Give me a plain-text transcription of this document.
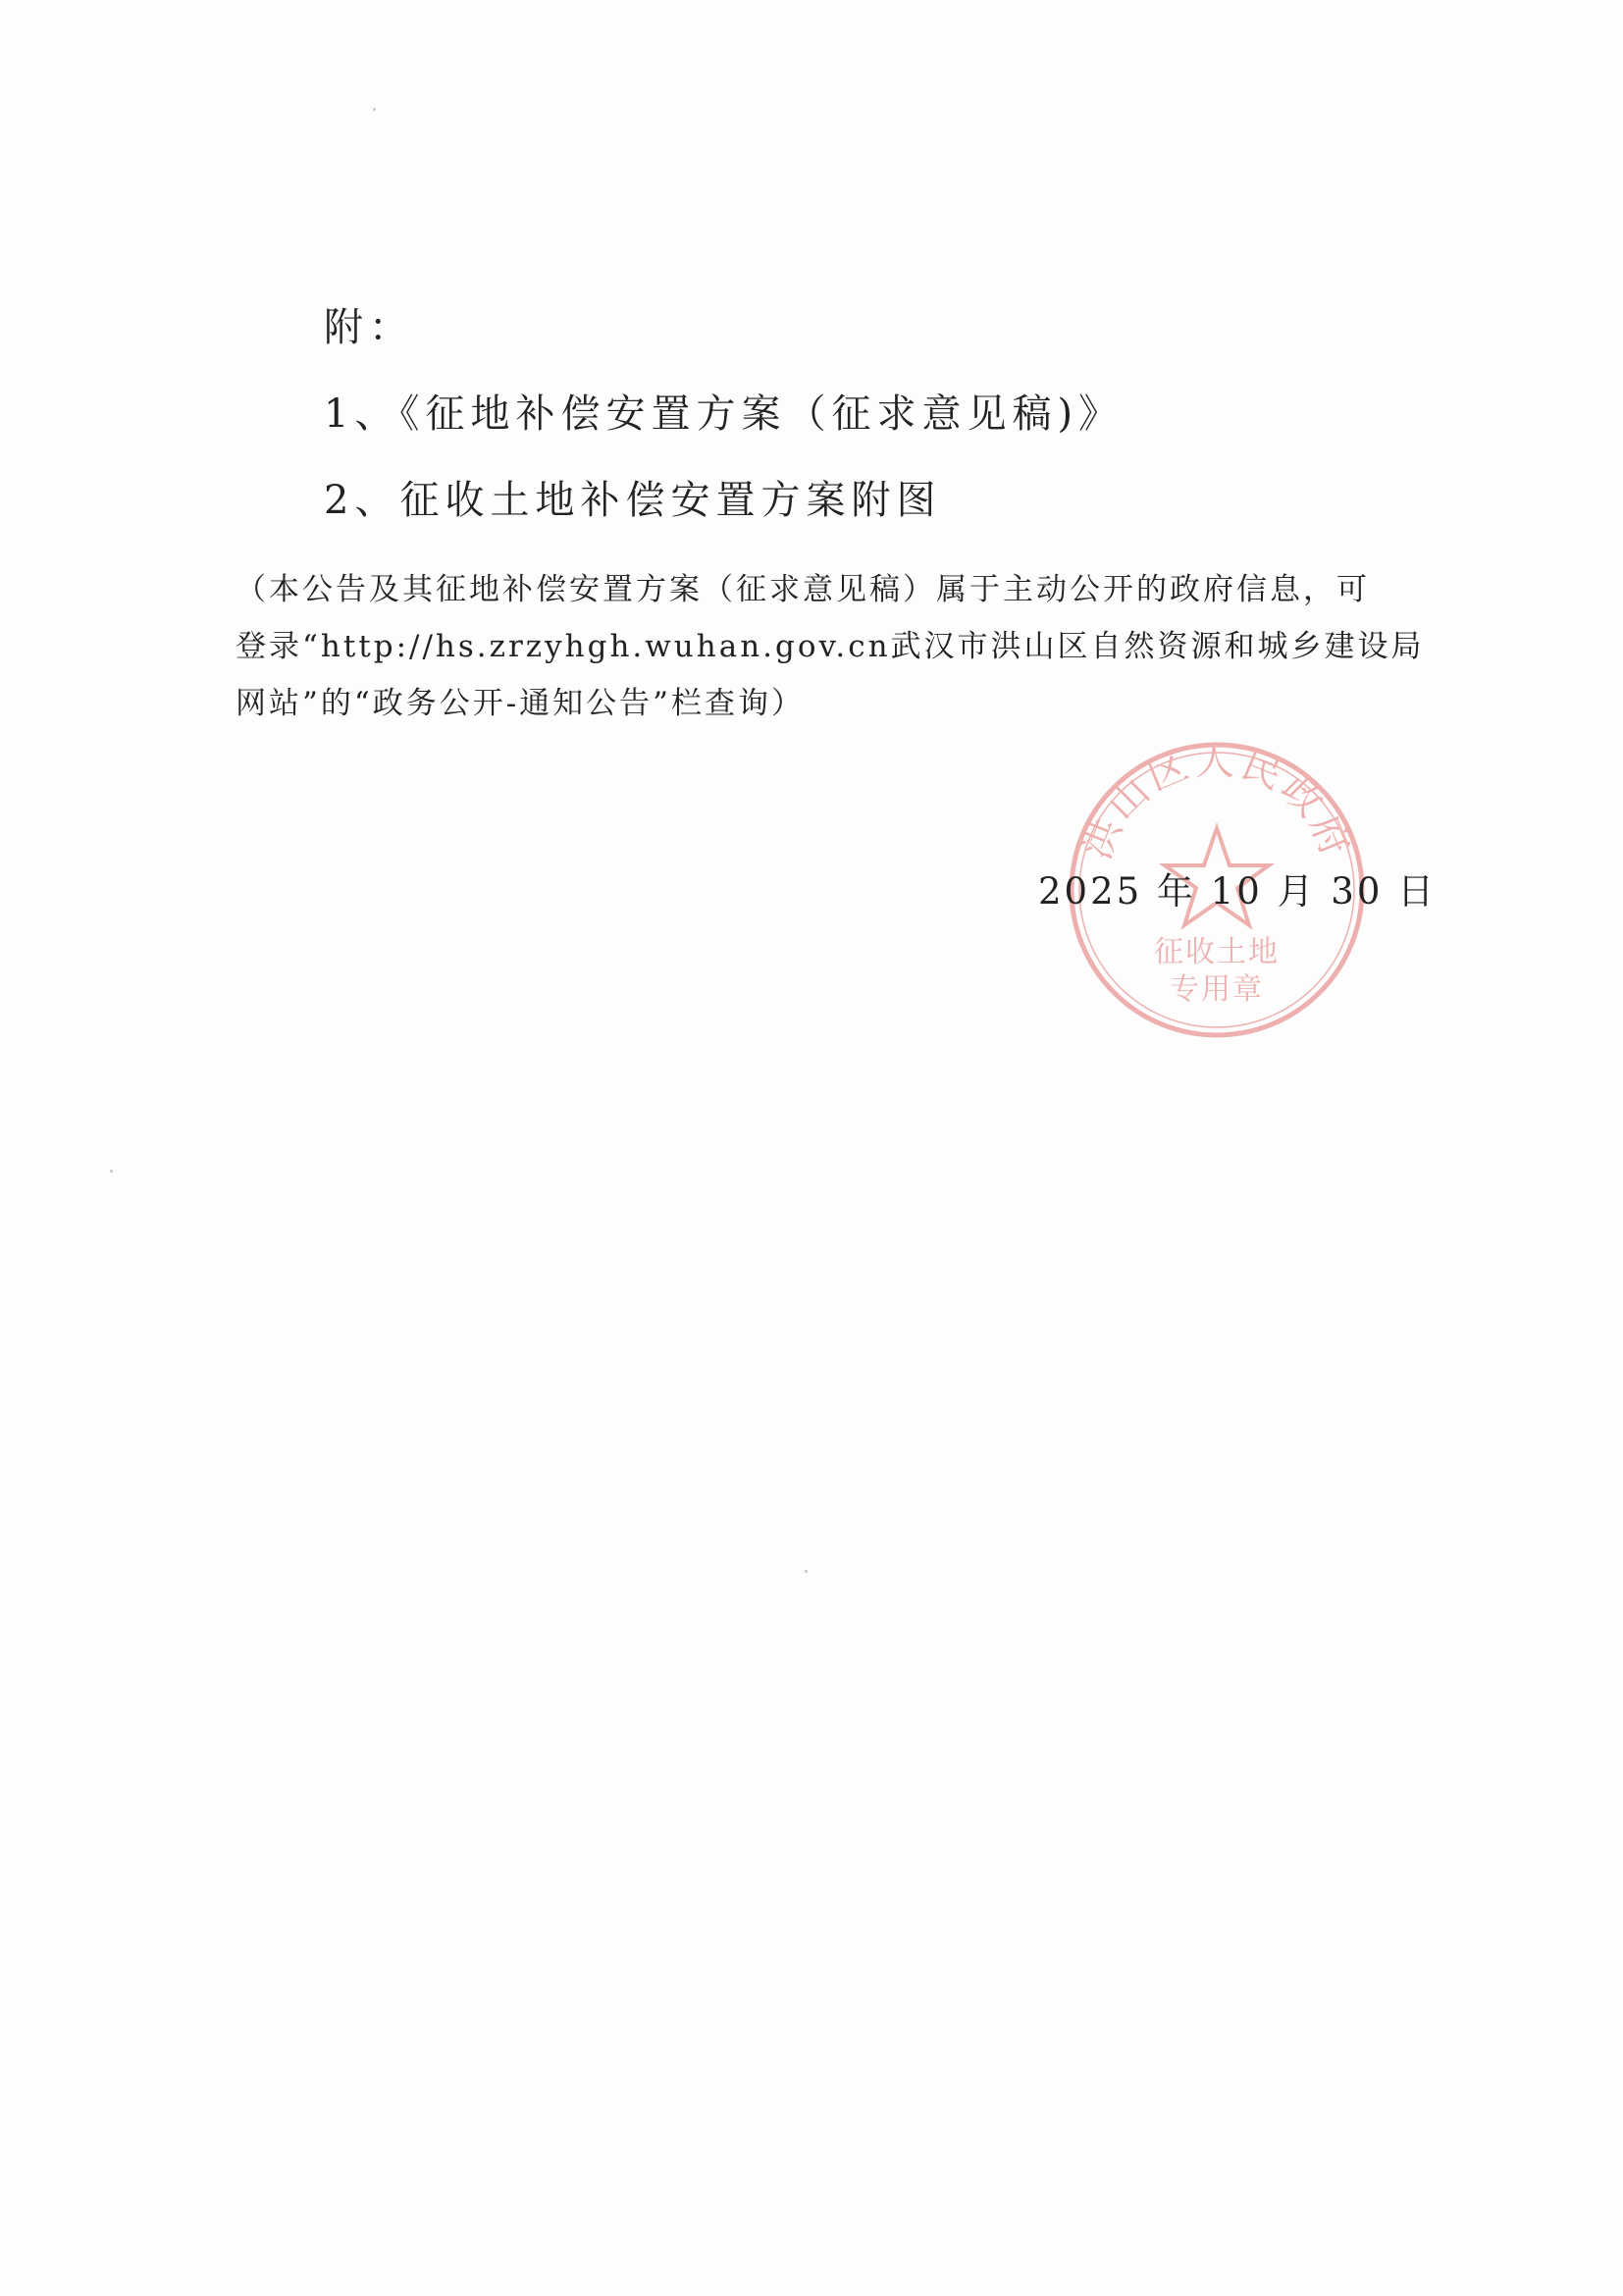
附：
1、《征地补偿安置方案（征求意见稿)》
2、征收土地补偿安置方案附图
（本公告及其征地补偿安置方案（征求意见稿）属于主动公开的政府信息，可
登录“http://hs.zrzyhgh.wuhan.gov.cn武汉市洪山区自然资源和城乡建设局
网站”的“政务公开-通知公告”栏查询）
洪山区人民政府
征收土地
专用章
2025 年 10 月 30 日
